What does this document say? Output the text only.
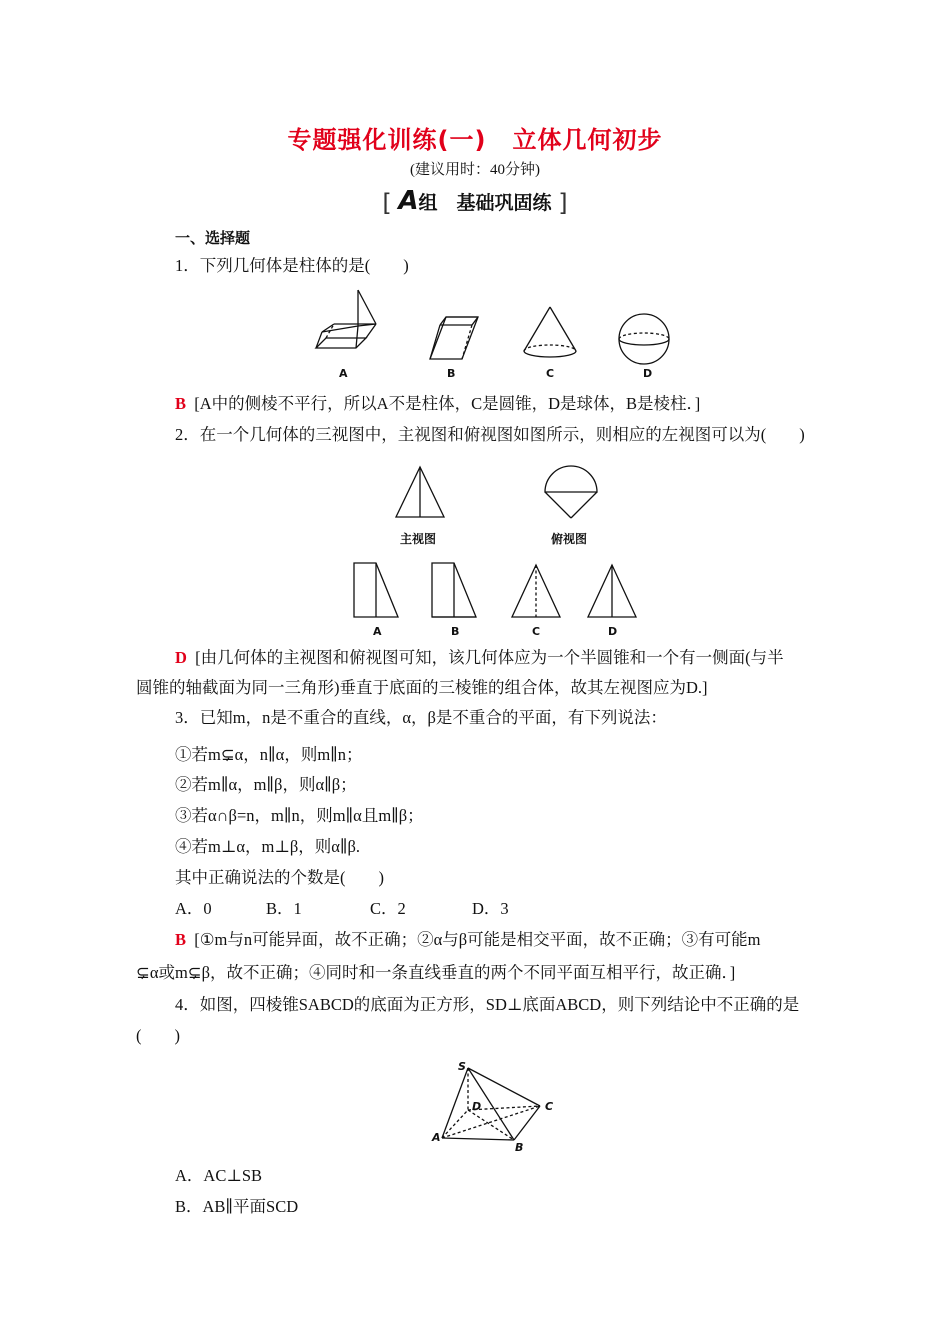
专题强化训练(一) 立体几何初步
(建议用时：40分钟)
[ A组　基础巩固练 ]
一、选择题
1．下列几何体是柱体的是(　　)
A	B	C	D
B [A中的侧棱不平行，所以A不是柱体，C是圆锥，D是球体，B是棱柱．]
2．在一个几何体的三视图中，主视图和俯视图如图所示，则相应的左视图可以为(　　)
主视图	俯视图
A	B	C	D
D [由几何体的主视图和俯视图可知，该几何体应为一个半圆锥和一个有一侧面(与半
圆锥的轴截面为同一三角形)垂直于底面的三棱锥的组合体，故其左视图应为D.]
3．已知m，n是不重合的直线，α，β是不重合的平面，有下列说法：
①若m⊊α，n∥α，则m∥n；
②若m∥α，m∥β，则α∥β；
③若α∩β=n，m∥n，则m∥α且m∥β；
④若m⊥α，m⊥β，则α∥β.
其中正确说法的个数是(　　)
A．0	B．1	C．2	D．3
B [①m与n可能异面，故不正确；②α与β可能是相交平面，故不正确；③有可能m
⊊α或m⊊β，故不正确；④同时和一条直线垂直的两个不同平面互相平行，故正确．]
4．如图，四棱锥SABCD的底面为正方形，SD⊥底面ABCD，则下列结论中不正确的是
(　　)
S
D	C
A
B
A．AC⊥SB
B．AB∥平面SCD
